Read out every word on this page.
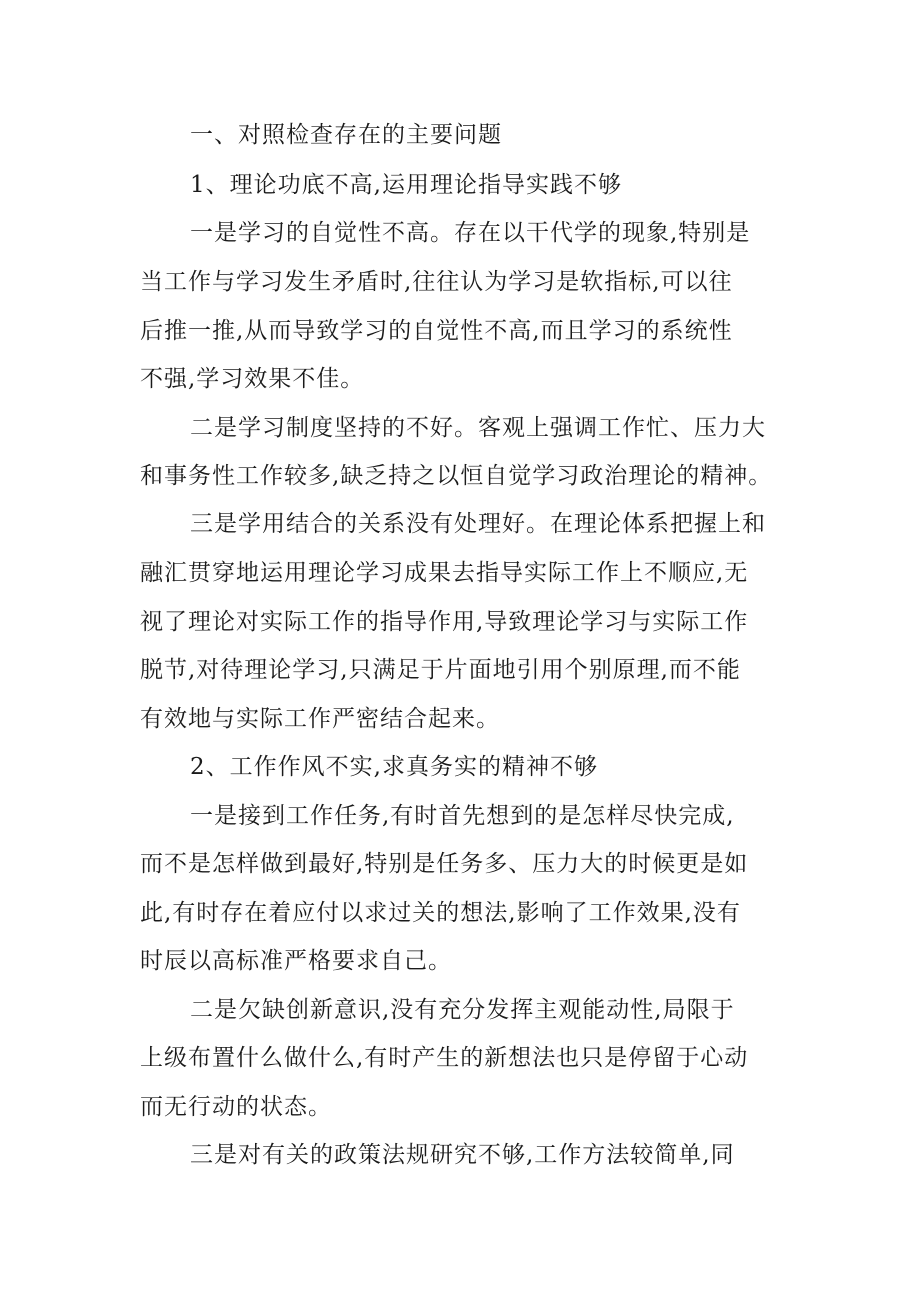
一、对照检查存在的主要问题
1、理论功底不高,运用理论指导实践不够
一是学习的自觉性不高。存在以干代学的现象,特别是
当工作与学习发生矛盾时,往往认为学习是软指标,可以往
后推一推,从而导致学习的自觉性不高,而且学习的系统性
不强,学习效果不佳。
二是学习制度坚持的不好。客观上强调工作忙、压力大
和事务性工作较多,缺乏持之以恒自觉学习政治理论的精神。
三是学用结合的关系没有处理好。在理论体系把握上和
融汇贯穿地运用理论学习成果去指导实际工作上不顺应,无
视了理论对实际工作的指导作用,导致理论学习与实际工作
脱节,对待理论学习,只满足于片面地引用个别原理,而不能
有效地与实际工作严密结合起来。
2、工作作风不实,求真务实的精神不够
一是接到工作任务,有时首先想到的是怎样尽快完成,
而不是怎样做到最好,特别是任务多、压力大的时候更是如
此,有时存在着应付以求过关的想法,影响了工作效果,没有
时辰以高标准严格要求自己。
二是欠缺创新意识,没有充分发挥主观能动性,局限于
上级布置什么做什么,有时产生的新想法也只是停留于心动
而无行动的状态。
三是对有关的政策法规研究不够,工作方法较简单,同
